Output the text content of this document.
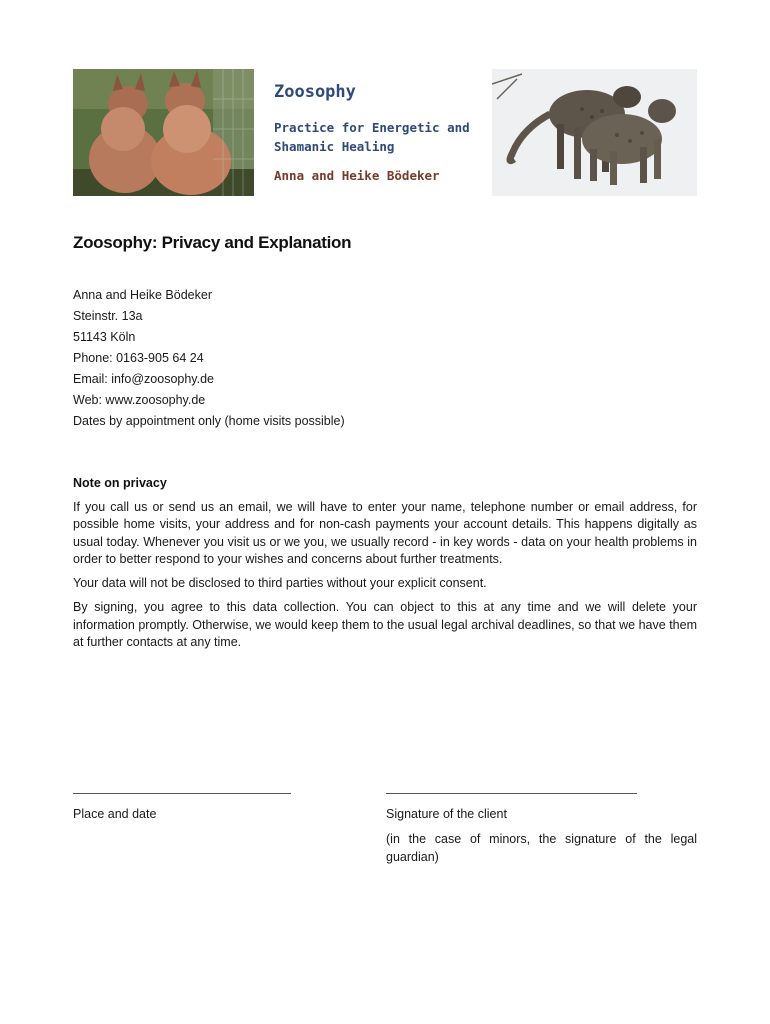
Zoosophy

Practice for Energetic and
Shamanic Healing

Anna and Heike Bödeker

Zoosophy: Privacy and Explanation
Anna and Heike Bödeker
Steinstr. 13a
51143 Köln
Phone: 0163-905 64 24
Email: info@zoosophy.de
Web: www.zoosophy.de
Dates by appointment only (home visits possible)
Note on privacy

If you call us or send us an email, we will have to enter your name, telephone number or email address, for possible home visits, your address and for non-cash payments your account details. This happens digitally as usual today. Whenever you visit us or we you, we usually record - in key words - data on your health problems in order to better respond to your wishes and concerns about further treatments.

Your data will not be disclosed to third parties without your explicit consent.

By signing, you agree to this data collection. You can object to this at any time and we will delete your information promptly. Otherwise, we would keep them to the usual legal archival deadlines, so that we have them at further contacts at any time.

Place and date	Signature of the client
(in the case of minors, the signature of the legal guardian)
